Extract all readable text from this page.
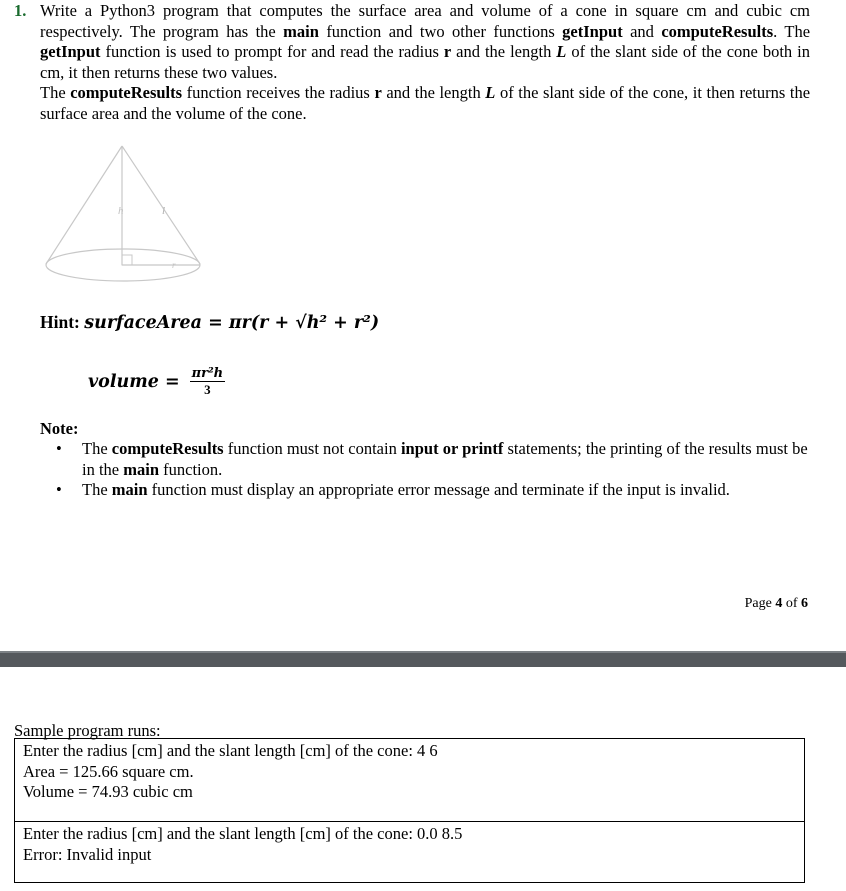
1. Write a Python3 program that computes the surface area and volume of a cone in square cm and cubic cm respectively. The program has the main function and two other functions getInput and computeResults. The getInput function is used to prompt for and read the radius r and the length L of the slant side of the cone both in cm, it then returns these two values.

The computeResults function receives the radius r and the length L of the slant side of the cone, it then returns the surface area and the volume of the cone.

h	l
r
Hint: surfaceArea = πr(r + √h² + r²)
volume = $\frac{\text{πr²h}}{3}$
Note:
• The computeResults function must not contain input or printf statements; the printing of the results must be in the main function.
• The main function must display an appropriate error message and terminate if the input is invalid.
Page 4 of 6
Sample program runs:
Enter the radius [cm] and the slant length [cm] of the cone: 4 6
Area = 125.66 square cm.
Volume = 74.93 cubic cm
Enter the radius [cm] and the slant length [cm] of the cone: 0.0 8.5
Error: Invalid input
